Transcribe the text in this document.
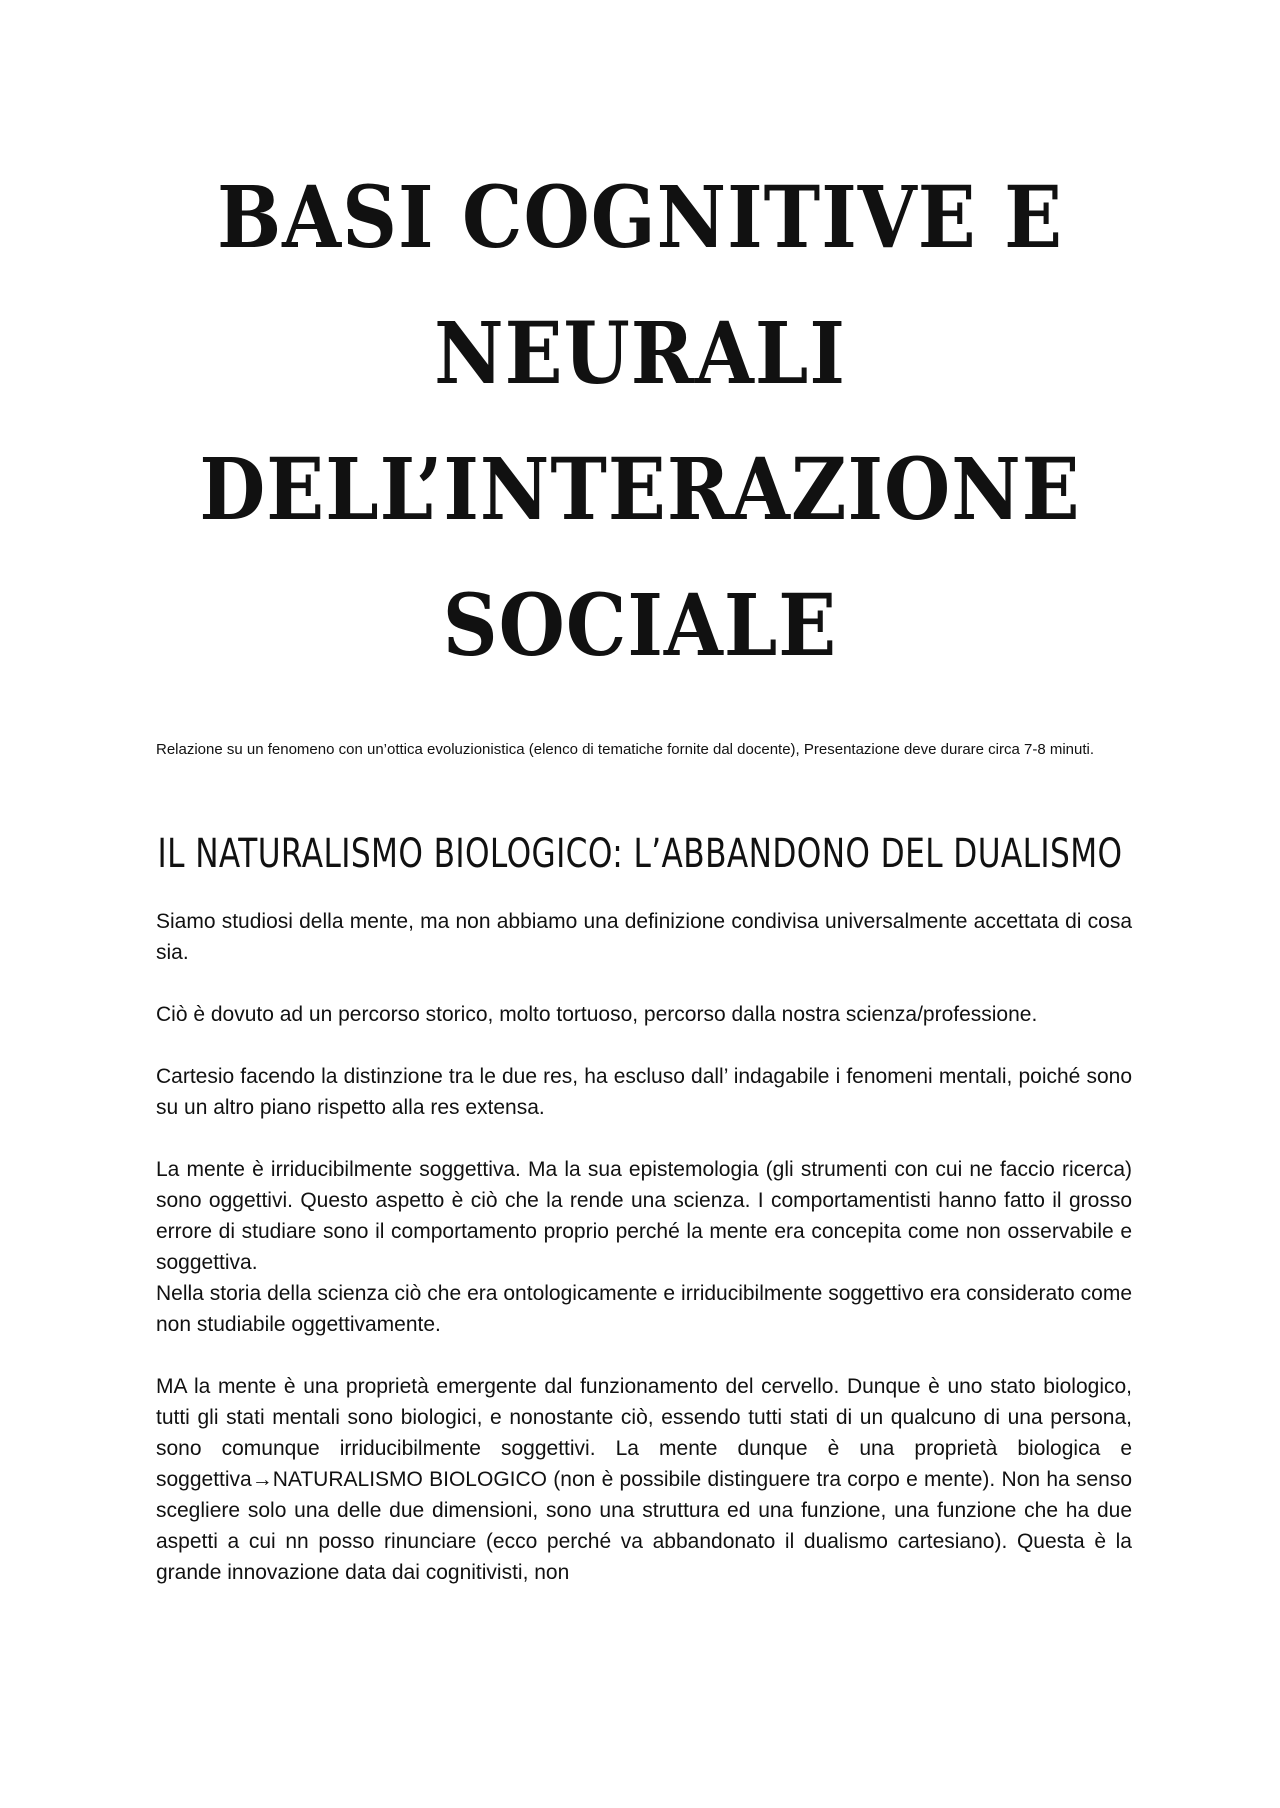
BASI COGNITIVE E
NEURALI
DELL’INTERAZIONE
SOCIALE
Relazione su un fenomeno con un’ottica evoluzionistica (elenco di tematiche fornite dal docente), Presentazione deve durare circa 7-8 minuti.
IL NATURALISMO BIOLOGICO: L’ABBANDONO DEL DUALISMO

Siamo studiosi della mente, ma non abbiamo una definizione condivisa universalmente accettata di cosa sia.

Ciò è dovuto ad un percorso storico, molto tortuoso, percorso dalla nostra scienza/professione.

Cartesio facendo la distinzione tra le due res, ha escluso dall’ indagabile i fenomeni mentali, poiché sono su un altro piano rispetto alla res extensa.

La mente è irriducibilmente soggettiva. Ma la sua epistemologia (gli strumenti con cui ne faccio ricerca) sono oggettivi. Questo aspetto è ciò che la rende una scienza. I comportamentisti hanno fatto il grosso errore di studiare sono il comportamento proprio perché la mente era concepita come non osservabile e soggettiva.

Nella storia della scienza ciò che era ontologicamente e irriducibilmente soggettivo era considerato come non studiabile oggettivamente.

MA la mente è una proprietà emergente dal funzionamento del cervello. Dunque è uno stato biologico, tutti gli stati mentali sono biologici, e nonostante ciò, essendo tutti stati di un qualcuno di una persona, sono comunque irriducibilmente soggettivi. La mente dunque è una proprietà biologica e soggettiva→NATURALISMO BIOLOGICO (non è possibile distinguere tra corpo e mente). Non ha senso scegliere solo una delle due dimensioni, sono una struttura ed una funzione, una funzione che ha due aspetti a cui nn posso rinunciare (ecco perché va abbandonato il dualismo cartesiano). Questa è la grande innovazione data dai cognitivisti, non
